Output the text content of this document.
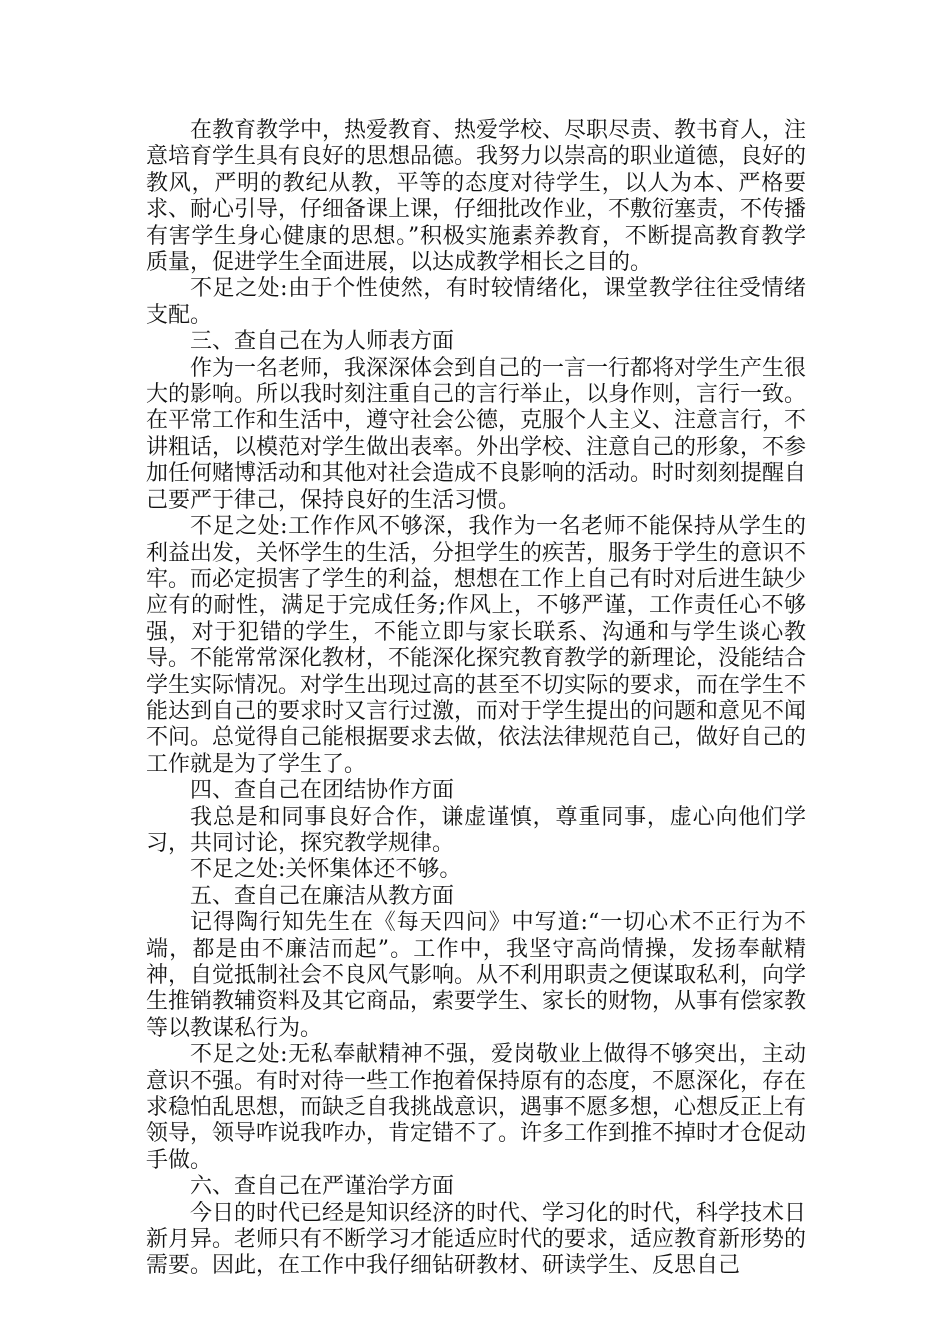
在教育教学中，热爱教育、热爱学校、尽职尽责、教书育人，注意培育学生具有良好的思想品德。我努力以崇高的职业道德，良好的教风，严明的教纪从教，平等的态度对待学生，以人为本、严格要求、耐心引导，仔细备课上课，仔细批改作业，不敷衍塞责，不传播有害学生身心健康的思想。”积极实施素养教育，不断提高教育教学质量，促进学生全面进展，以达成教学相长之目的。

不足之处:由于个性使然，有时较情绪化，课堂教学往往受情绪支配。

三、查自己在为人师表方面

作为一名老师，我深深体会到自己的一言一行都将对学生产生很大的影响。所以我时刻注重自己的言行举止，以身作则，言行一致。在平常工作和生活中，遵守社会公德，克服个人主义、注意言行，不讲粗话，以模范对学生做出表率。外出学校、注意自己的形象，不参加任何赌博活动和其他对社会造成不良影响的活动。时时刻刻提醒自己要严于律己，保持良好的生活习惯。

不足之处:工作作风不够深，我作为一名老师不能保持从学生的利益出发，关怀学生的生活，分担学生的疾苦，服务于学生的意识不牢。而必定损害了学生的利益，想想在工作上自己有时对后进生缺少应有的耐性，满足于完成任务;作风上，不够严谨，工作责任心不够强，对于犯错的学生，不能立即与家长联系、沟通和与学生谈心教导。不能常常深化教材，不能深化探究教育教学的新理论，没能结合学生实际情况。对学生出现过高的甚至不切实际的要求，而在学生不能达到自己的要求时又言行过激，而对于学生提出的问题和意见不闻不问。总觉得自己能根据要求去做，依法法律规范自己，做好自己的工作就是为了学生了。

四、查自己在团结协作方面

我总是和同事良好合作，谦虚谨慎，尊重同事，虚心向他们学习，共同讨论，探究教学规律。

不足之处:关怀集体还不够。

五、查自己在廉洁从教方面

记得陶行知先生在《每天四问》中写道:“一切心术不正行为不端，都是由不廉洁而起”。工作中，我坚守高尚情操，发扬奉献精神，自觉抵制社会不良风气影响。从不利用职责之便谋取私利，向学生推销教辅资料及其它商品，索要学生、家长的财物，从事有偿家教等以教谋私行为。

不足之处:无私奉献精神不强，爱岗敬业上做得不够突出，主动意识不强。有时对待一些工作抱着保持原有的态度，不愿深化，存在求稳怕乱思想，而缺乏自我挑战意识，遇事不愿多想，心想反正上有领导，领导咋说我咋办，肯定错不了。许多工作到推不掉时才仓促动手做。

六、查自己在严谨治学方面

今日的时代已经是知识经济的时代、学习化的时代，科学技术日新月异。老师只有不断学习才能适应时代的要求，适应教育新形势的需要。因此，在工作中我仔细钻研教材、研读学生、反思自己
